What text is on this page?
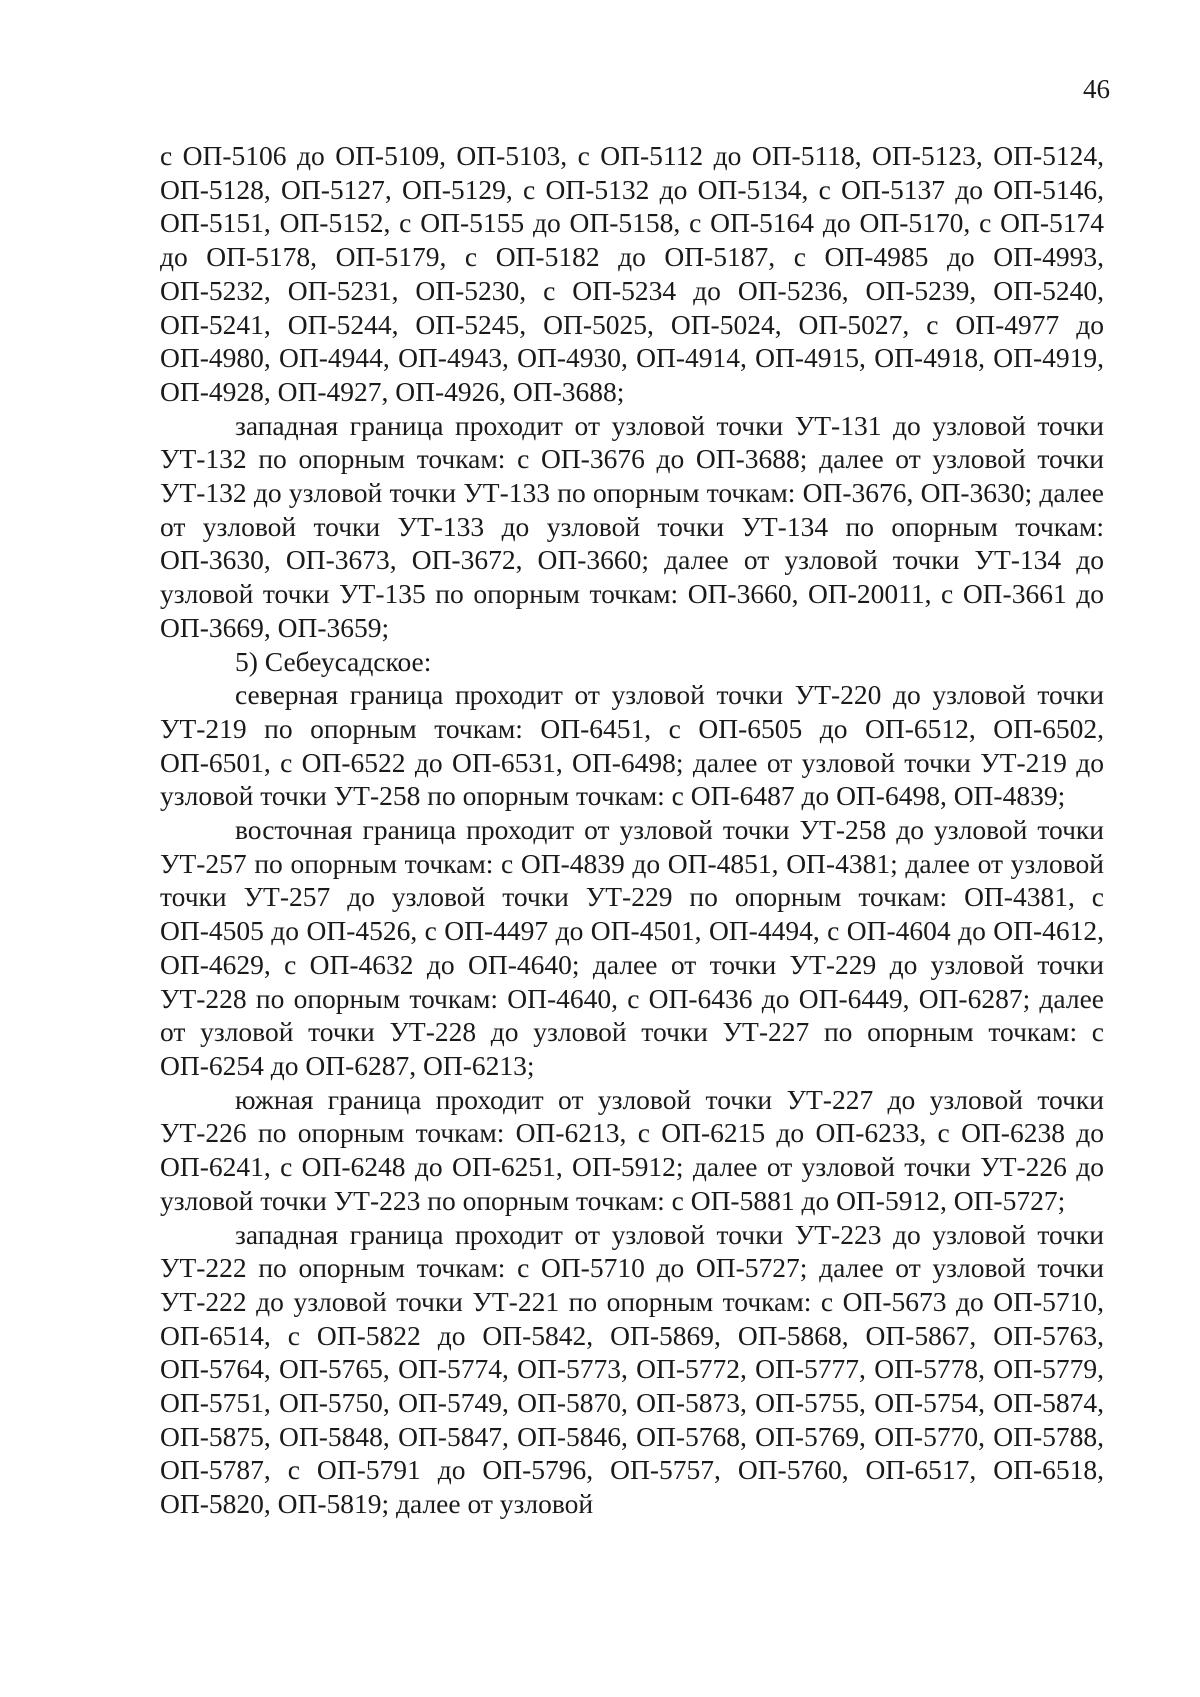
46

с ОП-5106 до ОП-5109, ОП-5103, с ОП-5112 до ОП-5118, ОП-5123, ОП-5124, ОП-5128, ОП-5127, ОП-5129, с ОП-5132 до ОП-5134, с ОП-5137 до ОП-5146, ОП-5151, ОП-5152, с ОП-5155 до ОП-5158, с ОП-5164 до ОП-5170, с ОП-5174 до ОП-5178, ОП-5179, с ОП-5182 до ОП-5187, с ОП-4985 до ОП-4993, ОП-5232, ОП-5231, ОП-5230, с ОП-5234 до ОП-5236, ОП-5239, ОП-5240, ОП-5241, ОП-5244, ОП-5245, ОП-5025, ОП-5024, ОП-5027, с ОП-4977 до ОП-4980, ОП-4944, ОП-4943, ОП-4930, ОП-4914, ОП-4915, ОП-4918, ОП-4919, ОП-4928, ОП-4927, ОП-4926, ОП-3688;

западная граница проходит от узловой точки УТ-131 до узловой точки УТ-132 по опорным точкам: с ОП-3676 до ОП-3688; далее от узловой точки УТ-132 до узловой точки УТ-133 по опорным точкам: ОП-3676, ОП-3630; далее от узловой точки УТ-133 до узловой точки УТ-134 по опорным точкам: ОП-3630, ОП-3673, ОП-3672, ОП-3660; далее от узловой точки УТ-134 до узловой точки УТ-135 по опорным точкам: ОП-3660, ОП-20011, с ОП-3661 до ОП-3669, ОП-3659;

5) Себеусадское:

северная граница проходит от узловой точки УТ-220 до узловой точки УТ-219 по опорным точкам: ОП-6451, с ОП-6505 до ОП-6512, ОП-6502, ОП-6501, с ОП-6522 до ОП-6531, ОП-6498; далее от узловой точки УТ-219 до узловой точки УТ-258 по опорным точкам: с ОП-6487 до ОП-6498, ОП-4839;

восточная граница проходит от узловой точки УТ-258 до узловой точки УТ-257 по опорным точкам: с ОП-4839 до ОП-4851, ОП-4381; далее от узловой точки УТ-257 до узловой точки УТ-229 по опорным точкам: ОП-4381, с ОП-4505 до ОП-4526, с ОП-4497 до ОП-4501, ОП-4494, с ОП-4604 до ОП-4612, ОП-4629, с ОП-4632 до ОП-4640; далее от точки УТ-229 до узловой точки УТ-228 по опорным точкам: ОП-4640, с ОП-6436 до ОП-6449, ОП-6287; далее от узловой точки УТ-228 до узловой точки УТ-227 по опорным точкам: с ОП-6254 до ОП-6287, ОП-6213;

южная граница проходит от узловой точки УТ-227 до узловой точки УТ-226 по опорным точкам: ОП-6213, с ОП-6215 до ОП-6233, с ОП-6238 до ОП-6241, с ОП-6248 до ОП-6251, ОП-5912; далее от узловой точки УТ-226 до узловой точки УТ-223 по опорным точкам: с ОП-5881 до ОП-5912, ОП-5727;

западная граница проходит от узловой точки УТ-223 до узловой точки УТ-222 по опорным точкам: с ОП-5710 до ОП-5727; далее от узловой точки УТ-222 до узловой точки УТ-221 по опорным точкам: с ОП-5673 до ОП-5710, ОП-6514, с ОП-5822 до ОП-5842, ОП-5869, ОП-5868, ОП-5867, ОП-5763, ОП-5764, ОП-5765, ОП-5774, ОП-5773, ОП-5772, ОП-5777, ОП-5778, ОП-5779, ОП-5751, ОП-5750, ОП-5749, ОП-5870, ОП-5873, ОП-5755, ОП-5754, ОП-5874, ОП-5875, ОП-5848, ОП-5847, ОП-5846, ОП-5768, ОП-5769, ОП-5770, ОП-5788, ОП-5787, с ОП-5791 до ОП-5796, ОП-5757, ОП-5760, ОП-6517, ОП-6518, ОП-5820, ОП-5819; далее от узловой
